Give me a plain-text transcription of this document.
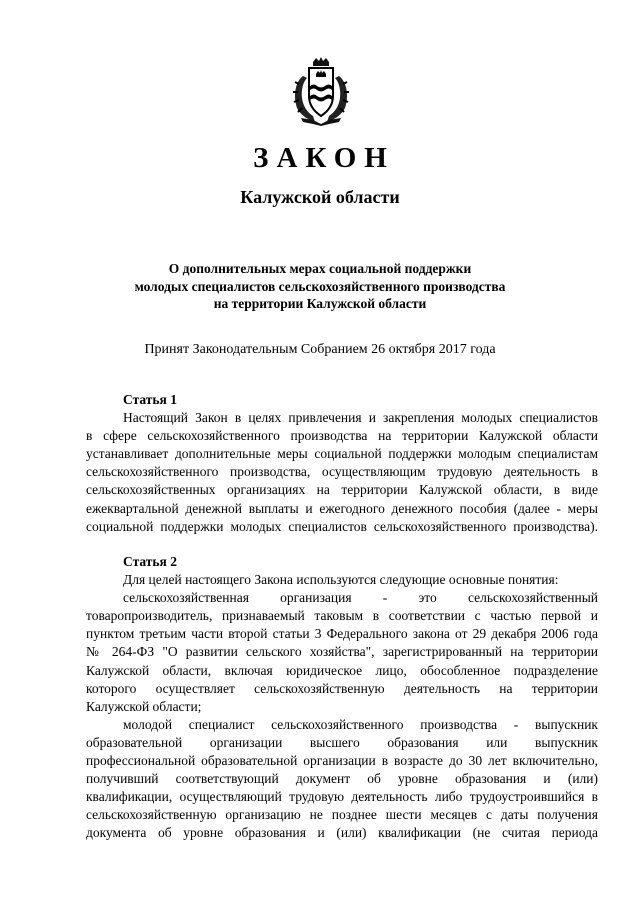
ЗАКОН
Калужской области
О дополнительных мерах социальной поддержки
молодых специалистов сельскохозяйственного производства
на территории Калужской области
Принят Законодательным Собранием 26 октября 2017 года
Статья 1
Настоящий Закон в целях привлечения и закрепления молодых специалистов
в сфере сельскохозяйственного производства на территории Калужской области
устанавливает дополнительные меры социальной поддержки молодым специалистам
сельскохозяйственного производства, осуществляющим трудовую деятельность в
сельскохозяйственных организациях на территории Калужской области, в виде
ежеквартальной денежной выплаты и ежегодного денежного пособия (далее - меры
социальной поддержки молодых специалистов сельскохозяйственного производства).
Статья 2
Для целей настоящего Закона используются следующие основные понятия:
сельскохозяйственная организация - это сельскохозяйственный
товаропроизводитель, признаваемый таковым в соответствии с частью первой и
пунктом третьим части второй статьи 3 Федерального закона от 29 декабря 2006 года
№ 264-ФЗ "О развитии сельского хозяйства", зарегистрированный на территории
Калужской области, включая юридическое лицо, обособленное подразделение
которого осуществляет сельскохозяйственную деятельность на территории
Калужской области;
молодой специалист сельскохозяйственного производства - выпускник
образовательной организации высшего образования или выпускник
профессиональной образовательной организации в возрасте до 30 лет включительно,
получивший соответствующий документ об уровне образования и (или)
квалификации, осуществляющий трудовую деятельность либо трудоустроившийся в
сельскохозяйственную организацию не позднее шести месяцев с даты получения
документа об уровне образования и (или) квалификации (не считая периода
